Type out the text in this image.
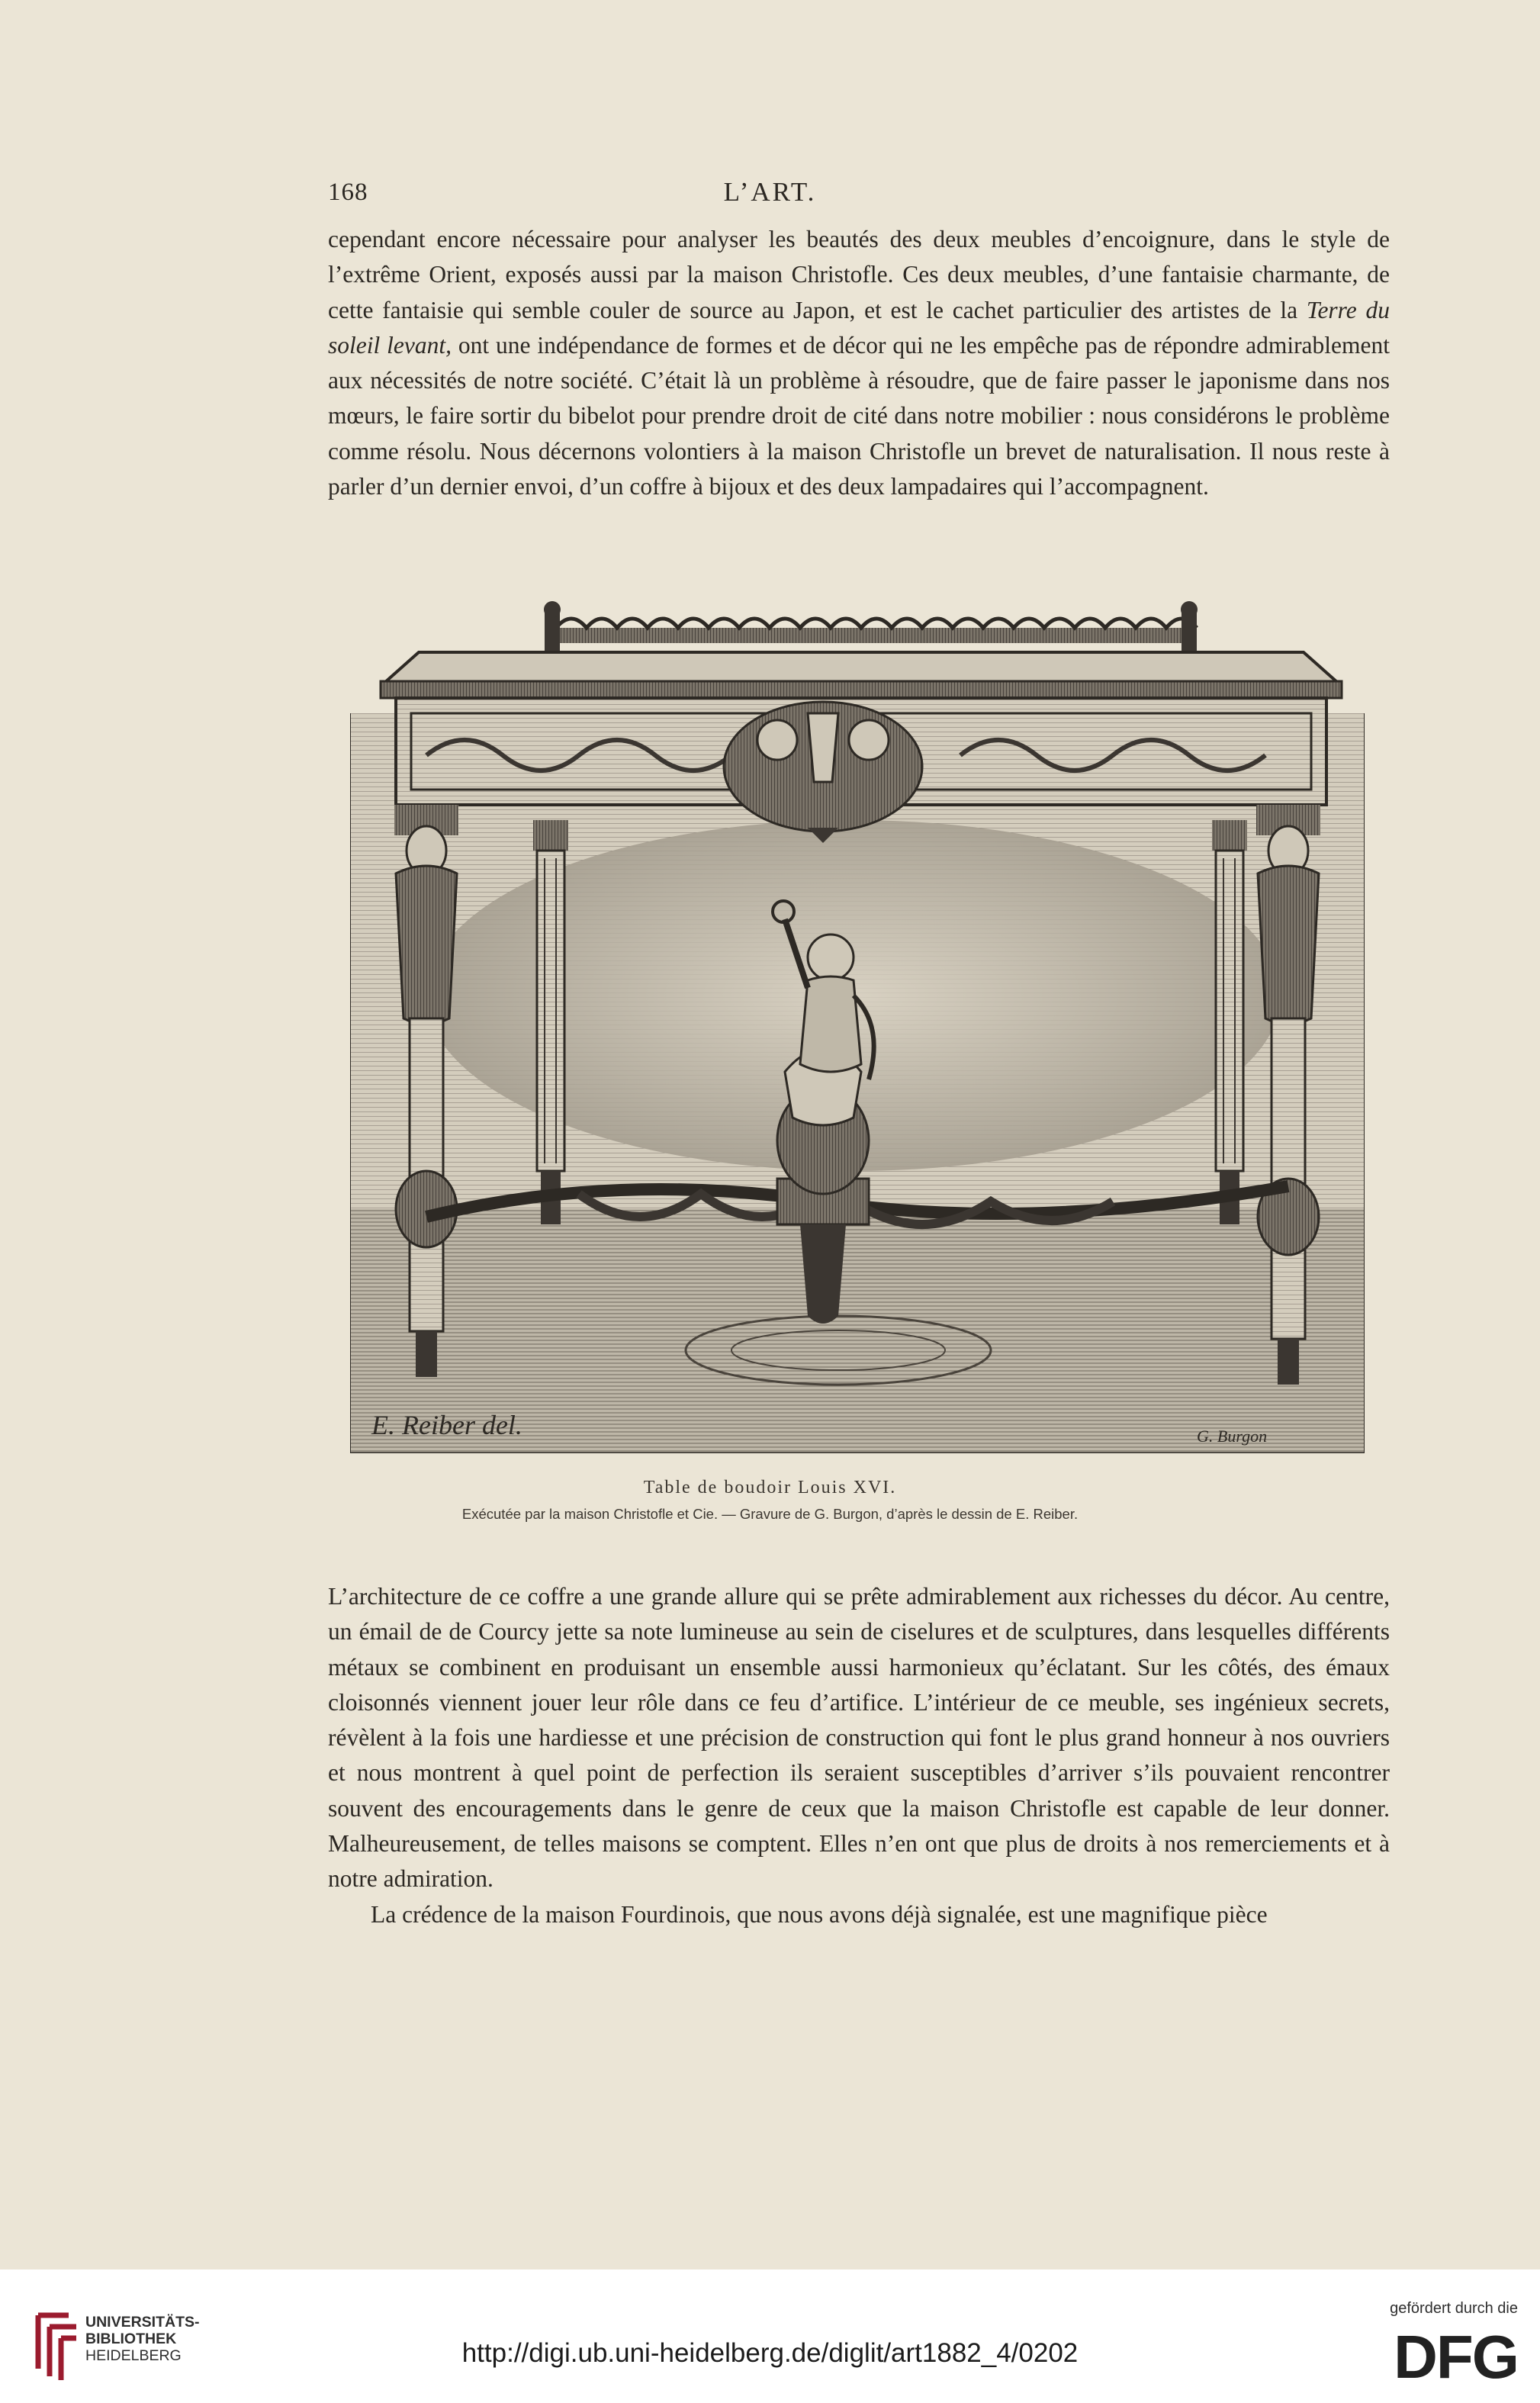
168	L’ART.

cependant encore nécessaire pour analyser les beautés des deux meubles d’encoignure, dans le style de l’extrême Orient, exposés aussi par la maison Christofle. Ces deux meubles, d’une fantaisie charmante, de cette fantaisie qui semble couler de source au Japon, et est le cachet particulier des artistes de la Terre du soleil levant, ont une indépendance de formes et de décor qui ne les empêche pas de répondre admirablement aux nécessités de notre société. C’était là un problème à résoudre, que de faire passer le japonisme dans nos mœurs, le faire sortir du bibelot pour prendre droit de cité dans notre mobilier : nous considérons le problème comme résolu. Nous décernons volontiers à la maison Christofle un brevet de naturalisation. Il nous reste à parler d’un dernier envoi, d’un coffre à bijoux et des deux lampadaires qui l’accompagnent.

E. Reiber del.	G. Burgon
Table de boudoir Louis XVI.
Exécutée par la maison Christofle et Cie. — Gravure de G. Burgon, d’après le dessin de E. Reiber.

L’architecture de ce coffre a une grande allure qui se prête admirablement aux richesses du décor. Au centre, un émail de de Courcy jette sa note lumineuse au sein de ciselures et de sculptures, dans lesquelles différents métaux se combinent en produisant un ensemble aussi harmonieux qu’éclatant. Sur les côtés, des émaux cloisonnés viennent jouer leur rôle dans ce feu d’artifice. L’intérieur de ce meuble, ses ingénieux secrets, révèlent à la fois une hardiesse et une précision de construction qui font le plus grand honneur à nos ouvriers et nous montrent à quel point de perfection ils seraient susceptibles d’arriver s’ils pouvaient rencontrer souvent des encouragements dans le genre de ceux que la maison Christofle est capable de leur donner. Malheureusement, de telles maisons se comptent. Elles n’en ont que plus de droits à nos remerciements et à notre admiration.

La crédence de la maison Fourdinois, que nous avons déjà signalée, est une magnifique pièce

UNIVERSITÄTS-
BIBLIOTHEK
HEIDELBERG	http://digi.ub.uni-heidelberg.de/diglit/art1882_4/0202
gefördert durch die
DFG
